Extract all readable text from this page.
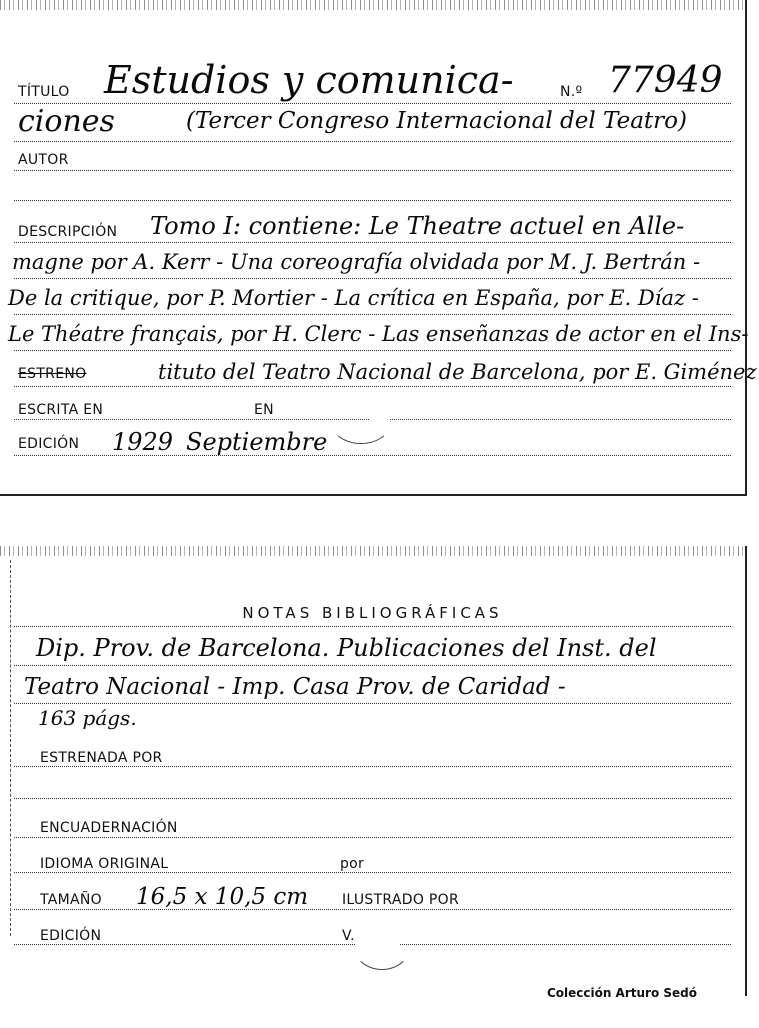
TÍTULO Estudios y comunica-	N.º 77949
ciones	(Tercer Congreso Internacional del Teatro)
AUTOR
DESCRIPCIÓN Tomo I: contiene: Le Theatre actuel en Alle-
magne por A. Kerr - Una coreografía olvidada por M. J. Bertrán -
De la critique, por P. Mortier - La crítica en España, por E. Díaz -
Le Théatre français, por H. Clerc - Las enseñanzas de actor en el Ins-
ESTRENO	tituto del Teatro Nacional de Barcelona, por E. Giménez
ESCRITA EN	EN
EDICIÓN 1929 Septiembre
NOTAS BIBLIOGRÁFICAS
Dip. Prov. de Barcelona. Publicaciones del Inst. del
Teatro Nacional - Imp. Casa Prov. de Caridad -
163 págs.
ESTRENADA POR
ENCUADERNACIÓN
IDIOMA ORIGINAL	por
TAMAÑO 16,5 x 10,5 cm ILUSTRADO POR
EDICIÓN	V.
Colección Arturo Sedó
